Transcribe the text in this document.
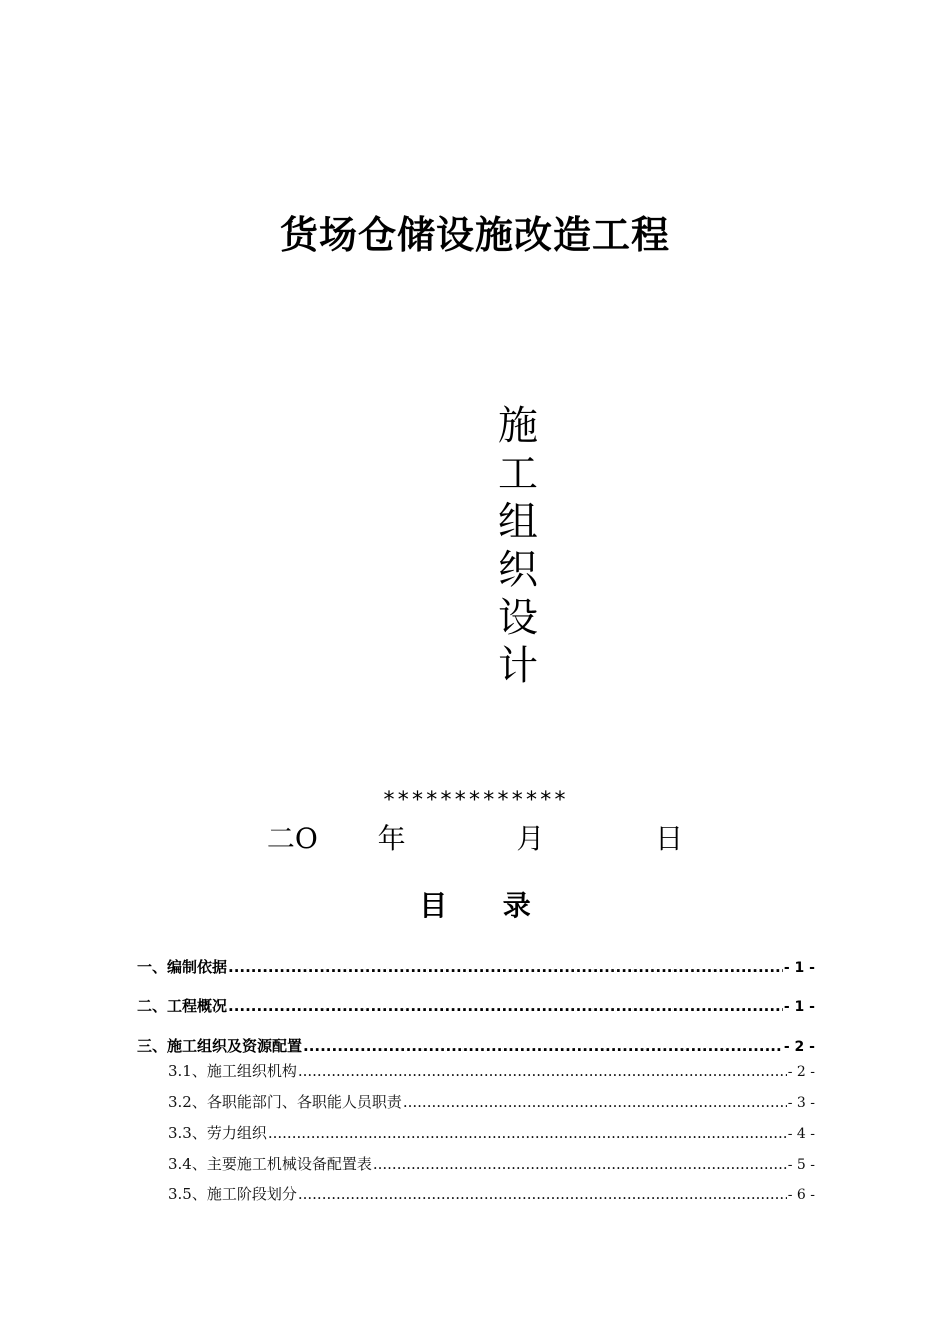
货场仓储设施改造工程
施
工
组
织
设
计
*************
二O 年	月	日
目 录
一、编制依据 .....	- 1 -
二、工程概况 .....	- 1 -
三、施工组织及资源配置 .....	- 2 -
3.1、施工组织机构 .....	- 2 -
3.2、各职能部门、各职能人员职责 .....	- 3 -
3.3、劳力组织 .....	- 4 -
3.4、主要施工机械设备配置表 .....	- 5 -
3.5、施工阶段划分 .....	- 6 -
